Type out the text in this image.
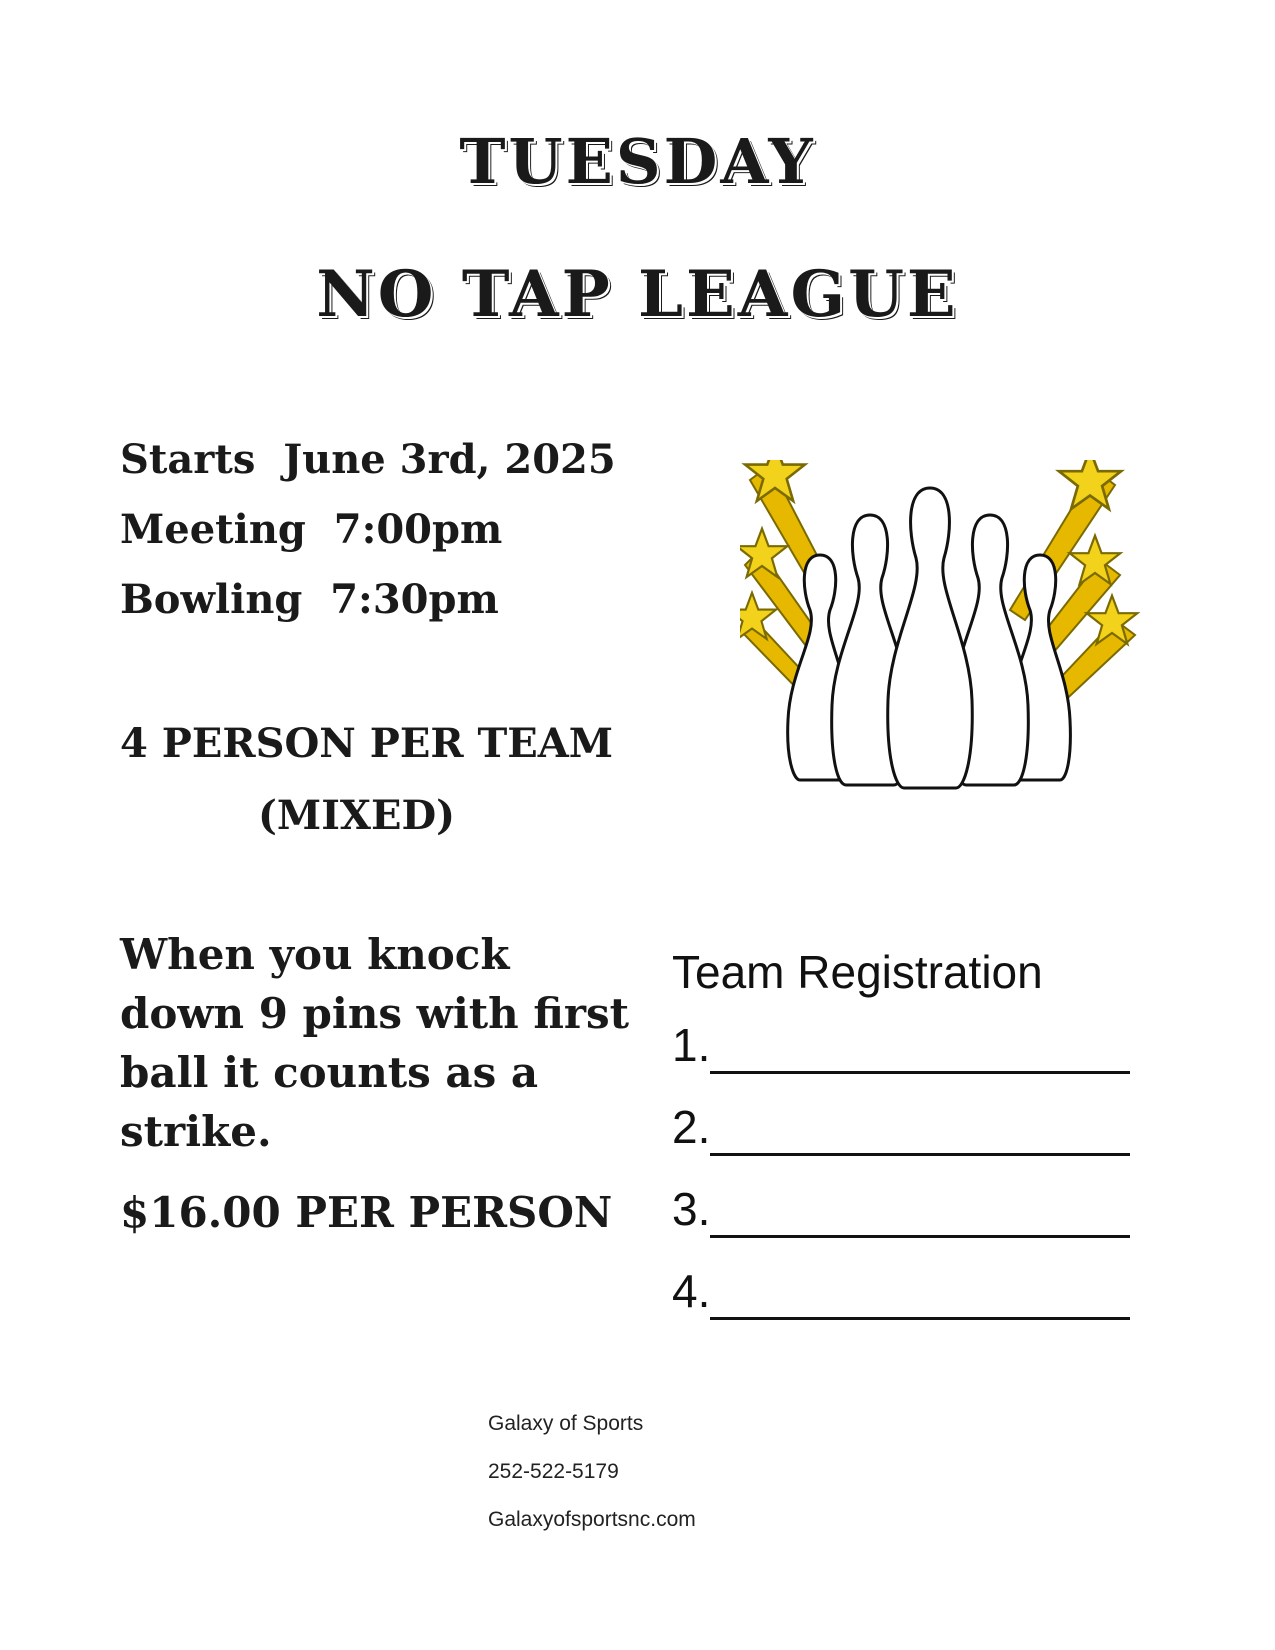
TUESDAY
NO TAP LEAGUE
Starts  June 3rd, 2025
Meeting  7:00pm
Bowling  7:30pm
4 PERSON PER TEAM
(MIXED)
When you knock down 9 pins with first ball it counts as a strike.
$16.00 PER PERSON
Team Registration
1.
2.
3.
4.
Galaxy of Sports
252-522-5179
Galaxyofsportsnc.com
